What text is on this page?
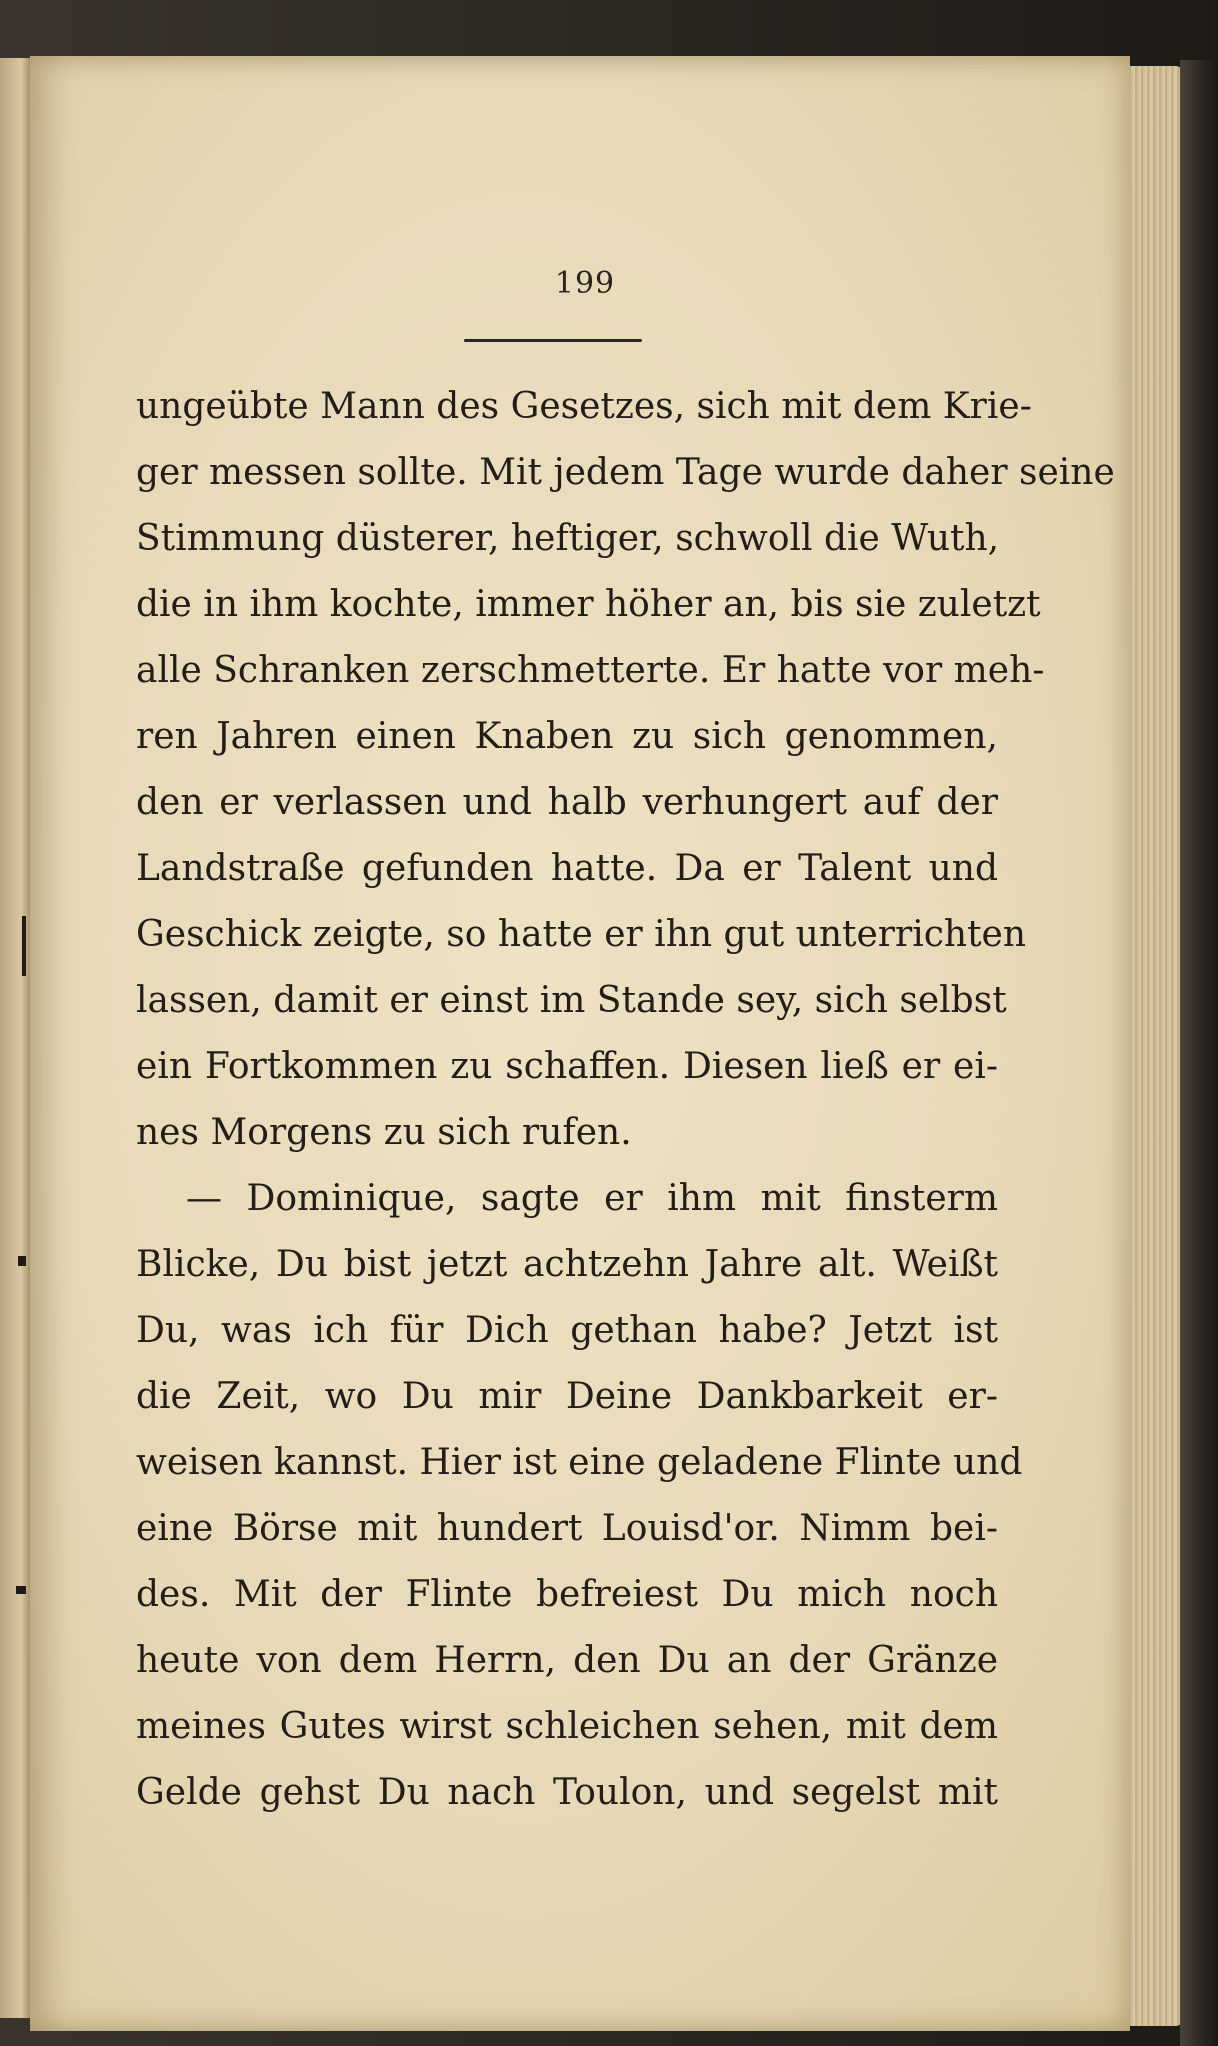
199
ungeübte Mann des Gesetzes, sich mit dem Krie-
ger messen sollte. Mit jedem Tage wurde daher seine
Stimmung düsterer, heftiger, schwoll die Wuth,
die in ihm kochte, immer höher an, bis sie zuletzt
alle Schranken zerschmetterte. Er hatte vor meh-
ren Jahren einen Knaben zu sich genommen,
den er verlassen und halb verhungert auf der
Landstraße gefunden hatte. Da er Talent und
Geschick zeigte, so hatte er ihn gut unterrichten
lassen, damit er einst im Stande sey, sich selbst
ein Fortkommen zu schaffen. Diesen ließ er ei-
nes Morgens zu sich rufen.
— Dominique, sagte er ihm mit finsterm
Blicke, Du bist jetzt achtzehn Jahre alt. Weißt
Du, was ich für Dich gethan habe? Jetzt ist
die Zeit, wo Du mir Deine Dankbarkeit er-
weisen kannst. Hier ist eine geladene Flinte und
eine Börse mit hundert Louisd'or. Nimm bei-
des. Mit der Flinte befreiest Du mich noch
heute von dem Herrn, den Du an der Gränze
meines Gutes wirst schleichen sehen, mit dem
Gelde gehst Du nach Toulon, und segelst mit
